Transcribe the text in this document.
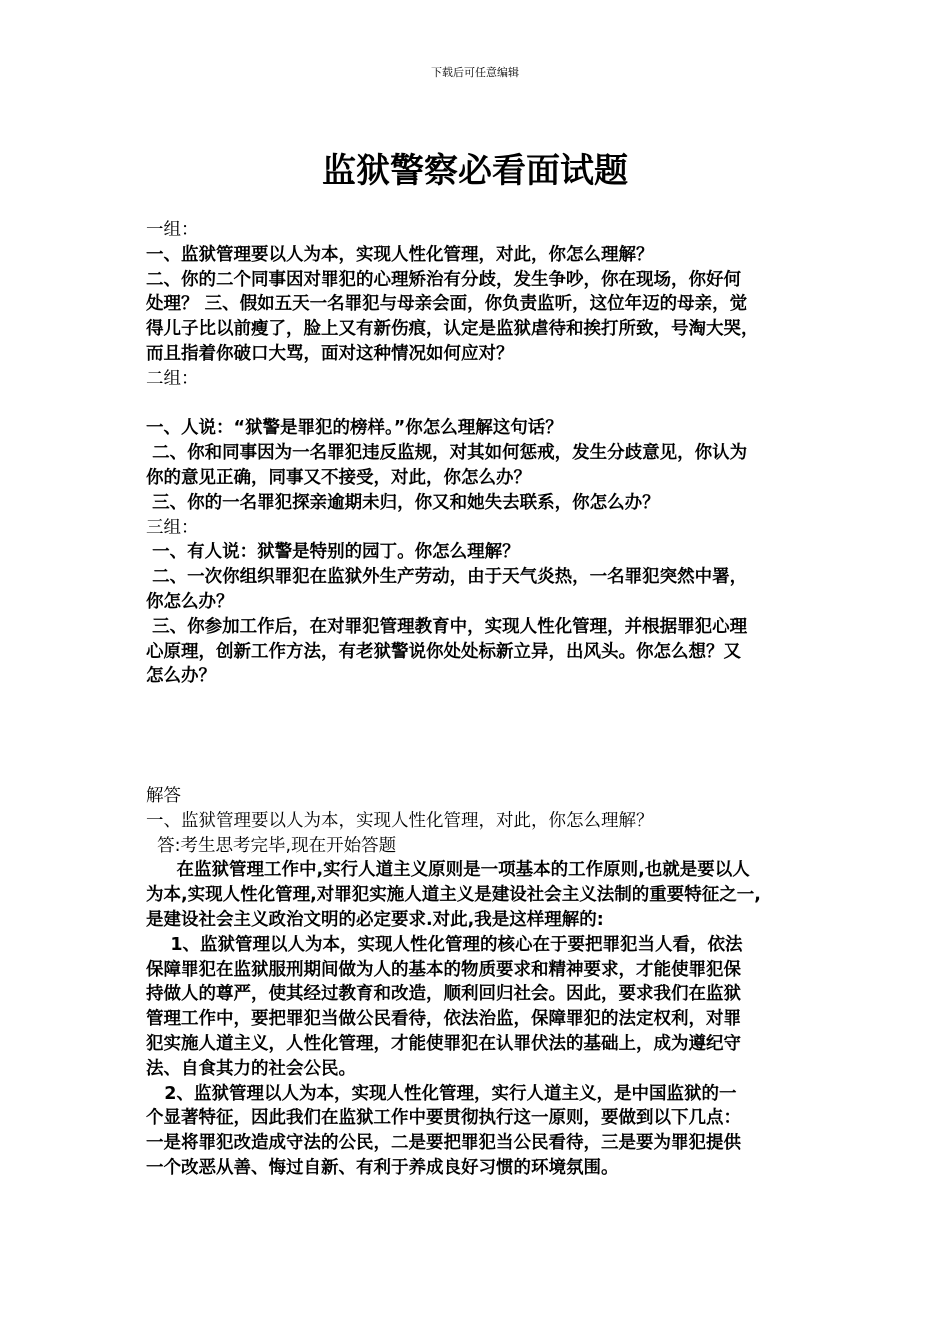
下载后可任意编辑
监狱警察必看面试题
一组：
一、监狱管理要以人为本，实现人性化管理，对此，你怎么理解？
二、你的二个同事因对罪犯的心理矫治有分歧，发生争吵，你在现场，你好何
处理？ 三、假如五天一名罪犯与母亲会面，你负责监听，这位年迈的母亲，觉
得儿子比以前瘦了，脸上又有新伤痕，认定是监狱虐待和挨打所致，号淘大哭，
而且指着你破口大骂，面对这种情况如何应对？
二组：
一、人说：“狱警是罪犯的榜样。”你怎么理解这句话？
二、你和同事因为一名罪犯违反监规，对其如何惩戒，发生分歧意见，你认为
你的意见正确，同事又不接受，对此，你怎么办？
三、你的一名罪犯探亲逾期未归，你又和她失去联系，你怎么办？
三组：
一、有人说：狱警是特别的园丁。你怎么理解？
二、一次你组织罪犯在监狱外生产劳动，由于天气炎热，一名罪犯突然中署，
你怎么办？
三、你参加工作后，在对罪犯管理教育中，实现人性化管理，并根据罪犯心理
心原理，创新工作方法，有老狱警说你处处标新立异，出风头。你怎么想？又
怎么办？
解答
一、监狱管理要以人为本，实现人性化管理，对此，你怎么理解？
答:考生思考完毕,现在开始答题
在监狱管理工作中,实行人道主义原则是一项基本的工作原则,也就是要以人
为本,实现人性化管理,对罪犯实施人道主义是建设社会主义法制的重要特征之一,
是建设社会主义政治文明的必定要求.对此,我是这样理解的:
1、监狱管理以人为本，实现人性化管理的核心在于要把罪犯当人看，依法
保障罪犯在监狱服刑期间做为人的基本的物质要求和精神要求，才能使罪犯保
持做人的尊严，使其经过教育和改造，顺利回归社会。因此，要求我们在监狱
管理工作中，要把罪犯当做公民看待，依法治监，保障罪犯的法定权利，对罪
犯实施人道主义，人性化管理，才能使罪犯在认罪伏法的基础上，成为遵纪守
法、自食其力的社会公民。
2、监狱管理以人为本，实现人性化管理，实行人道主义，是中国监狱的一
个显著特征，因此我们在监狱工作中要贯彻执行这一原则，要做到以下几点：
一是将罪犯改造成守法的公民，二是要把罪犯当公民看待，三是要为罪犯提供
一个改恶从善、悔过自新、有利于养成良好习惯的环境氛围。
